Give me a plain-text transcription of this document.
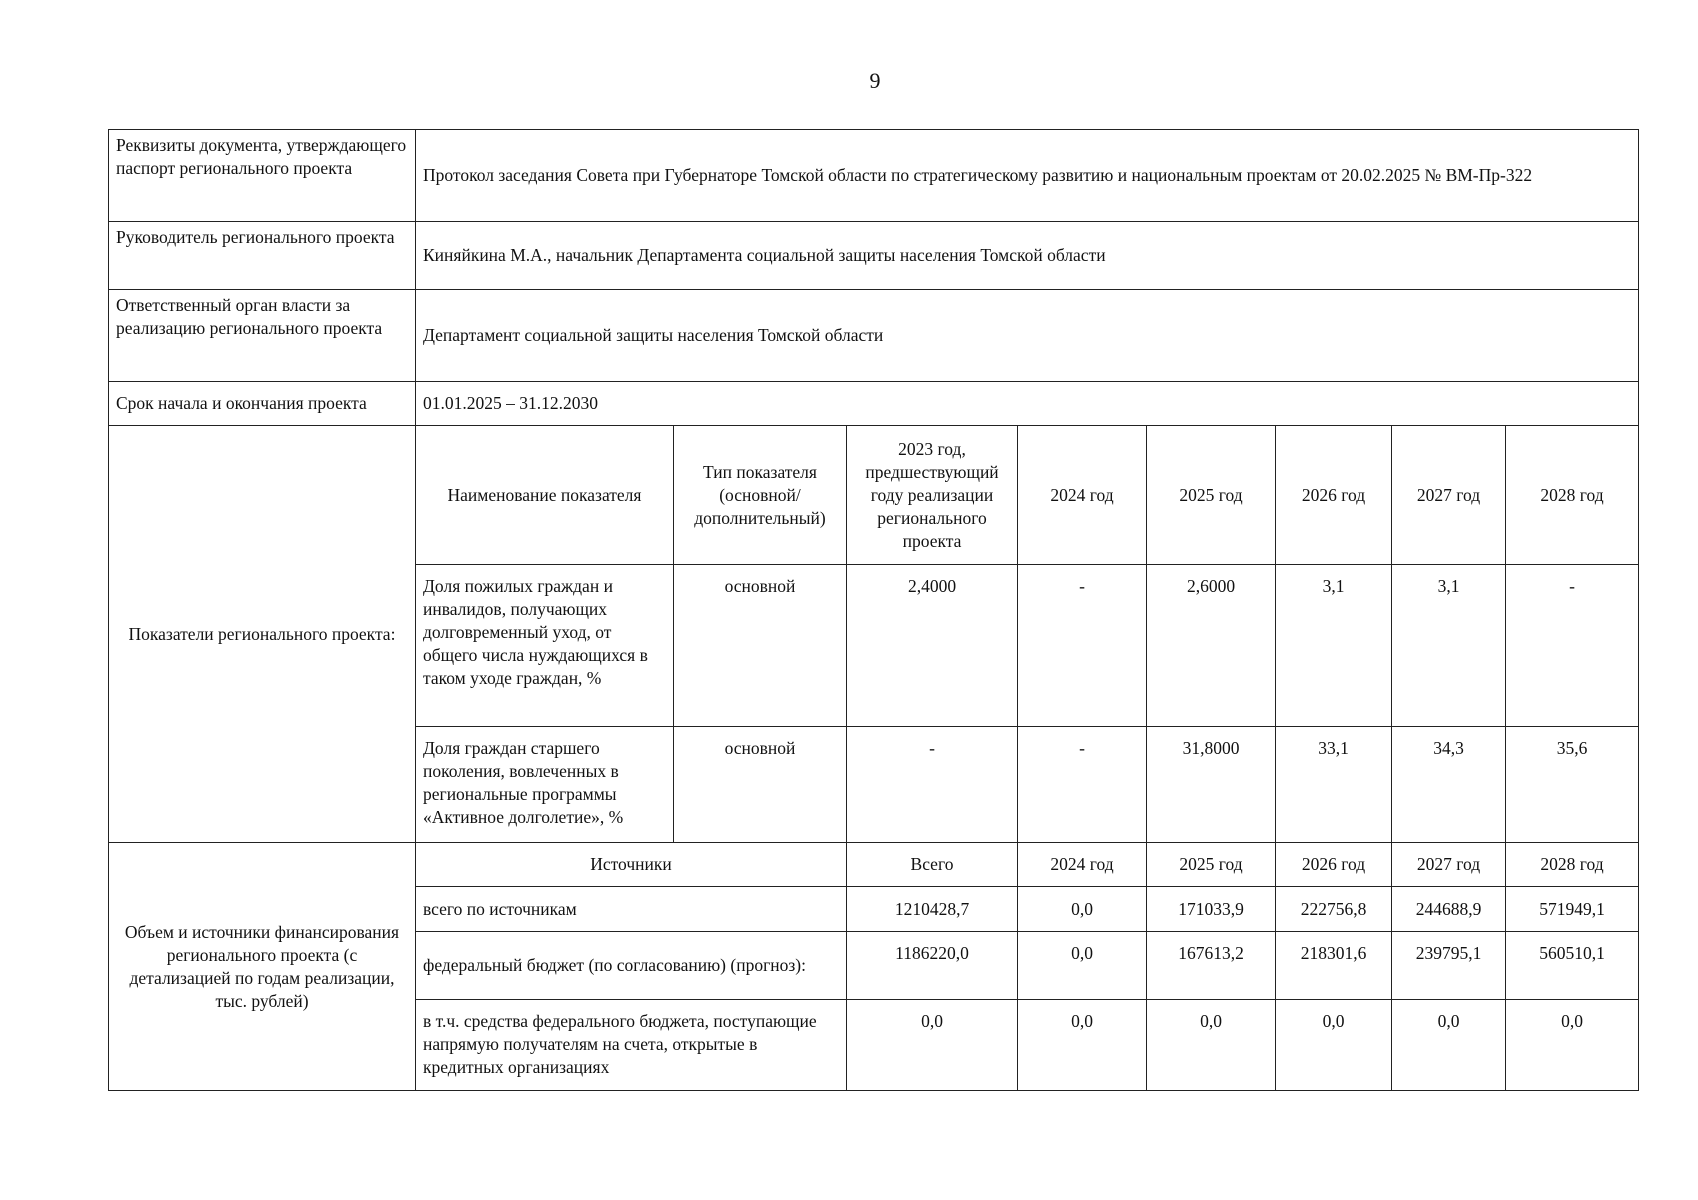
9
Реквизиты документа, утверждающего паспорт регионального проекта	Протокол заседания Совета при Губернаторе Томской области по стратегическому развитию и национальным проектам от 20.02.2025 № ВМ-Пр-322							
Руководитель регионального проекта	Киняйкина М.А., начальник Департамента социальной защиты населения Томской области							
Ответственный орган власти за реализацию регионального проекта	Департамент социальной защиты населения Томской области							
Срок начала и окончания проекта	01.01.2025 – 31.12.2030							
Показатели регионального проекта:	Наименование показателя	Тип показателя (основной/ дополнительный)	2023 год, предшествующий году реализации регионального проекта	2024 год	2025 год	2026 год	2027 год	2028 год
	Доля пожилых граждан и инвалидов, получающих долговременный уход, от общего числа нуждающихся в таком уходе граждан, %	основной	2,4000	-	2,6000	3,1	3,1	-
	Доля граждан старшего поколения, вовлеченных в региональные программы «Активное долголетие», %	основной	-	-	31,8000	33,1	34,3	35,6
Объем и источники финансирования регионального проекта (с детализацией по годам реализации, тыс. рублей)	Источники		Всего	2024 год	2025 год	2026 год	2027 год	2028 год
	всего по источникам		1210428,7	0,0	171033,9	222756,8	244688,9	571949,1
	федеральный бюджет (по согласованию) (прогноз):		1186220,0	0,0	167613,2	218301,6	239795,1	560510,1
	в т.ч. средства федерального бюджета, поступающие напрямую получателям на счета, открытые в кредитных организациях		0,0	0,0	0,0	0,0	0,0	0,0
